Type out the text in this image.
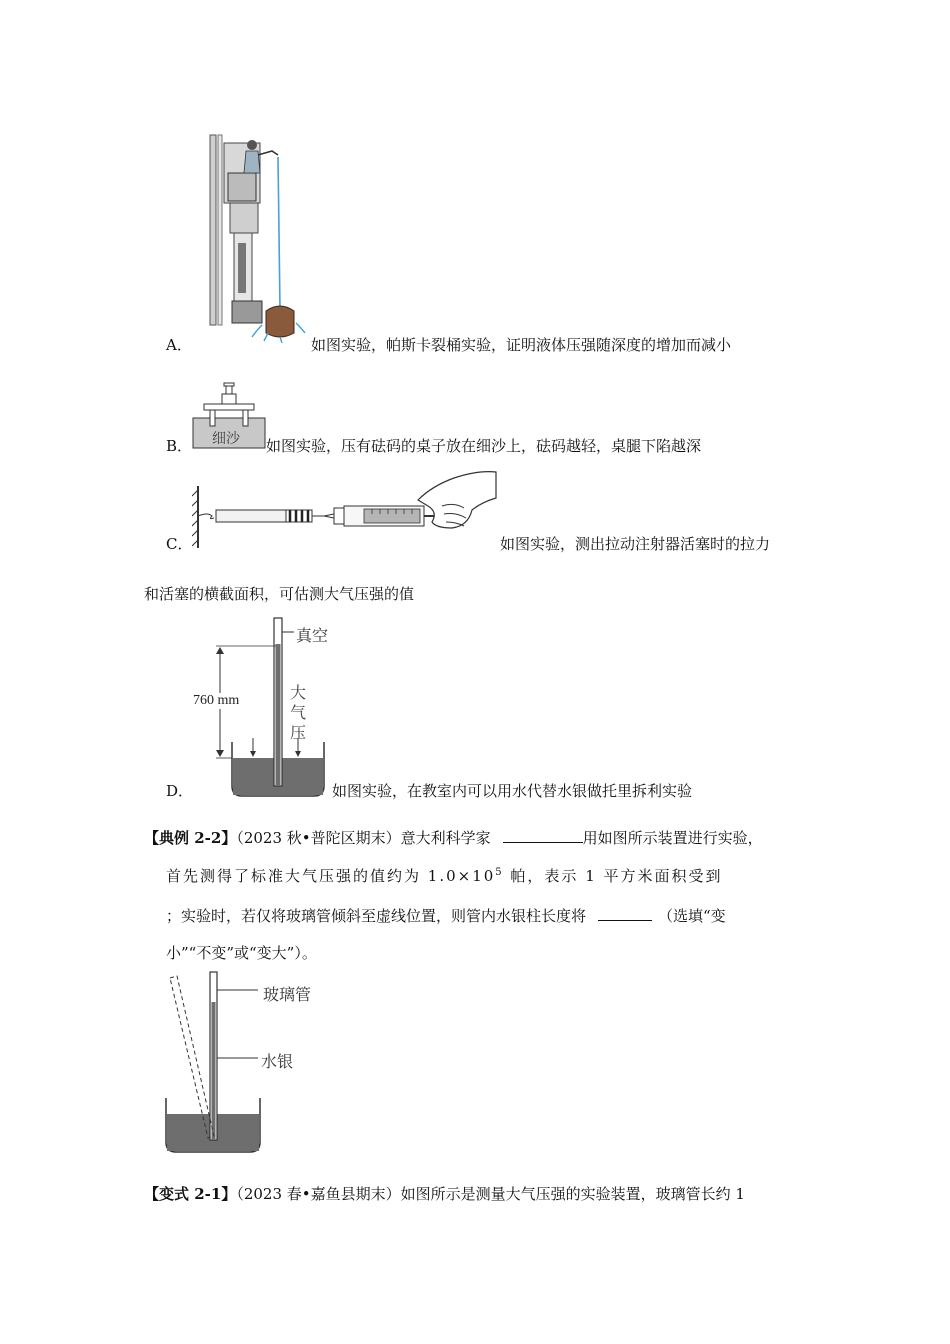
A．	如图实验，帕斯卡裂桶实验，证明液体压强随深度的增加而减小
细沙
B．	如图实验，压有砝码的桌子放在细沙上，砝码越轻，桌腿下陷越深
C．	如图实验，测出拉动注射器活塞时的拉力
和活塞的横截面积，可估测大气压强的值
真空
760 mm	大
气
压
D．	如图实验，在教室内可以用水代替水银做托里拆利实验
【典例 2-2】（2023 秋•普陀区期末）意大利科学家	用如图所示装置进行实验，
首先测得了标准大气压强的值约为 $1.0\times 10^5$ 帕，表示 1 平方米面积受到
；实验时，若仅将玻璃管倾斜至虚线位置，则管内水银柱长度将	（选填“变
小”“不变”或“变大”）。
玻璃管
水银
【变式 2-1】（2023 春•嘉鱼县期末）如图所示是测量大气压强的实验装置，玻璃管长约 1
